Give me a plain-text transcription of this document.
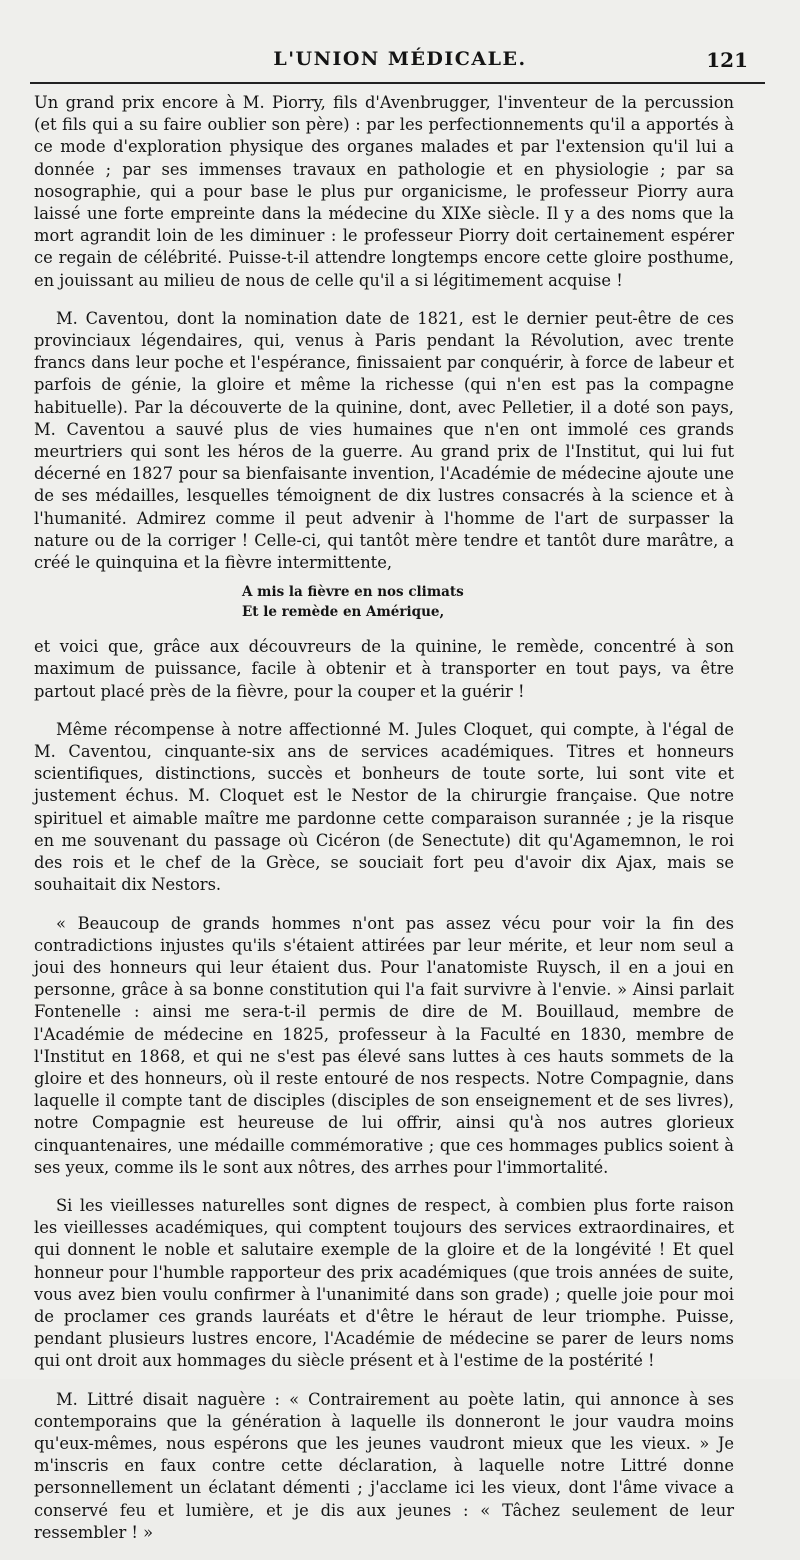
L'UNION MÉDICALE.	121

Un grand prix encore à M. Piorry, fils d'Avenbrugger, l'inventeur de la percussion (et fils qui a su faire oublier son père) : par les perfectionnements qu'il a apportés à ce mode d'exploration physique des organes malades et par l'extension qu'il lui a donnée ; par ses immenses travaux en pathologie et en physiologie ; par sa nosographie, qui a pour base le plus pur organicisme, le professeur Piorry aura laissé une forte empreinte dans la médecine du XIXe siècle. Il y a des noms que la mort agrandit loin de les diminuer : le professeur Piorry doit certainement espérer ce regain de célébrité. Puisse-t-il attendre longtemps encore cette gloire posthume, en jouissant au milieu de nous de celle qu'il a si légitimement acquise !

M. Caventou, dont la nomination date de 1821, est le dernier peut-être de ces provinciaux légendaires, qui, venus à Paris pendant la Révolution, avec trente francs dans leur poche et l'espérance, finissaient par conquérir, à force de labeur et parfois de génie, la gloire et même la richesse (qui n'en est pas la compagne habituelle). Par la découverte de la quinine, dont, avec Pelletier, il a doté son pays, M. Caventou a sauvé plus de vies humaines que n'en ont immolé ces grands meurtriers qui sont les héros de la guerre. Au grand prix de l'Institut, qui lui fut décerné en 1827 pour sa bienfaisante invention, l'Académie de médecine ajoute une de ses médailles, lesquelles témoignent de dix lustres consacrés à la science et à l'humanité. Admirez comme il peut advenir à l'homme de l'art de surpasser la nature ou de la corriger ! Celle-ci, qui tantôt mère tendre et tantôt dure marâtre, a créé le quinquina et la fièvre intermittente,

A mis la fièvre en nos climats
Et le remède en Amérique,

et voici que, grâce aux découvreurs de la quinine, le remède, concentré à son maximum de puissance, facile à obtenir et à transporter en tout pays, va être partout placé près de la fièvre, pour la couper et la guérir !

Même récompense à notre affectionné M. Jules Cloquet, qui compte, à l'égal de M. Caventou, cinquante-six ans de services académiques. Titres et honneurs scientifiques, distinctions, succès et bonheurs de toute sorte, lui sont vite et justement échus. M. Cloquet est le Nestor de la chirurgie française. Que notre spirituel et aimable maître me pardonne cette comparaison surannée ; je la risque en me souvenant du passage où Cicéron (de Senectute) dit qu'Agamemnon, le roi des rois et le chef de la Grèce, se souciait fort peu d'avoir dix Ajax, mais se souhaitait dix Nestors.

« Beaucoup de grands hommes n'ont pas assez vécu pour voir la fin des contradictions injustes qu'ils s'étaient attirées par leur mérite, et leur nom seul a joui des honneurs qui leur étaient dus. Pour l'anatomiste Ruysch, il en a joui en personne, grâce à sa bonne constitution qui l'a fait survivre à l'envie. » Ainsi parlait Fontenelle : ainsi me sera-t-il permis de dire de M. Bouillaud, membre de l'Académie de médecine en 1825, professeur à la Faculté en 1830, membre de l'Institut en 1868, et qui ne s'est pas élevé sans luttes à ces hauts sommets de la gloire et des honneurs, où il reste entouré de nos respects. Notre Compagnie, dans laquelle il compte tant de disciples (disciples de son enseignement et de ses livres), notre Compagnie est heureuse de lui offrir, ainsi qu'à nos autres glorieux cinquantenaires, une médaille commémorative ; que ces hommages publics soient à ses yeux, comme ils le sont aux nôtres, des arrhes pour l'immortalité.

Si les vieillesses naturelles sont dignes de respect, à combien plus forte raison les vieillesses académiques, qui comptent toujours des services extraordinaires, et qui donnent le noble et salutaire exemple de la gloire et de la longévité ! Et quel honneur pour l'humble rapporteur des prix académiques (que trois années de suite, vous avez bien voulu confirmer à l'unanimité dans son grade) ; quelle joie pour moi de proclamer ces grands lauréats et d'être le héraut de leur triomphe. Puisse, pendant plusieurs lustres encore, l'Académie de médecine se parer de leurs noms qui ont droit aux hommages du siècle présent et à l'estime de la postérité !

M. Littré disait naguère : « Contrairement au poète latin, qui annonce à ses contemporains que la génération à laquelle ils donneront le jour vaudra moins qu'eux-mêmes, nous espérons que les jeunes vaudront mieux que les vieux. » Je m'inscris en faux contre cette déclaration, à laquelle notre Littré donne personnellement un éclatant démenti ; j'acclame ici les vieux, dont l'âme vivace a conservé feu et lumière, et je dis aux jeunes : « Tâchez seulement de leur ressembler ! »
